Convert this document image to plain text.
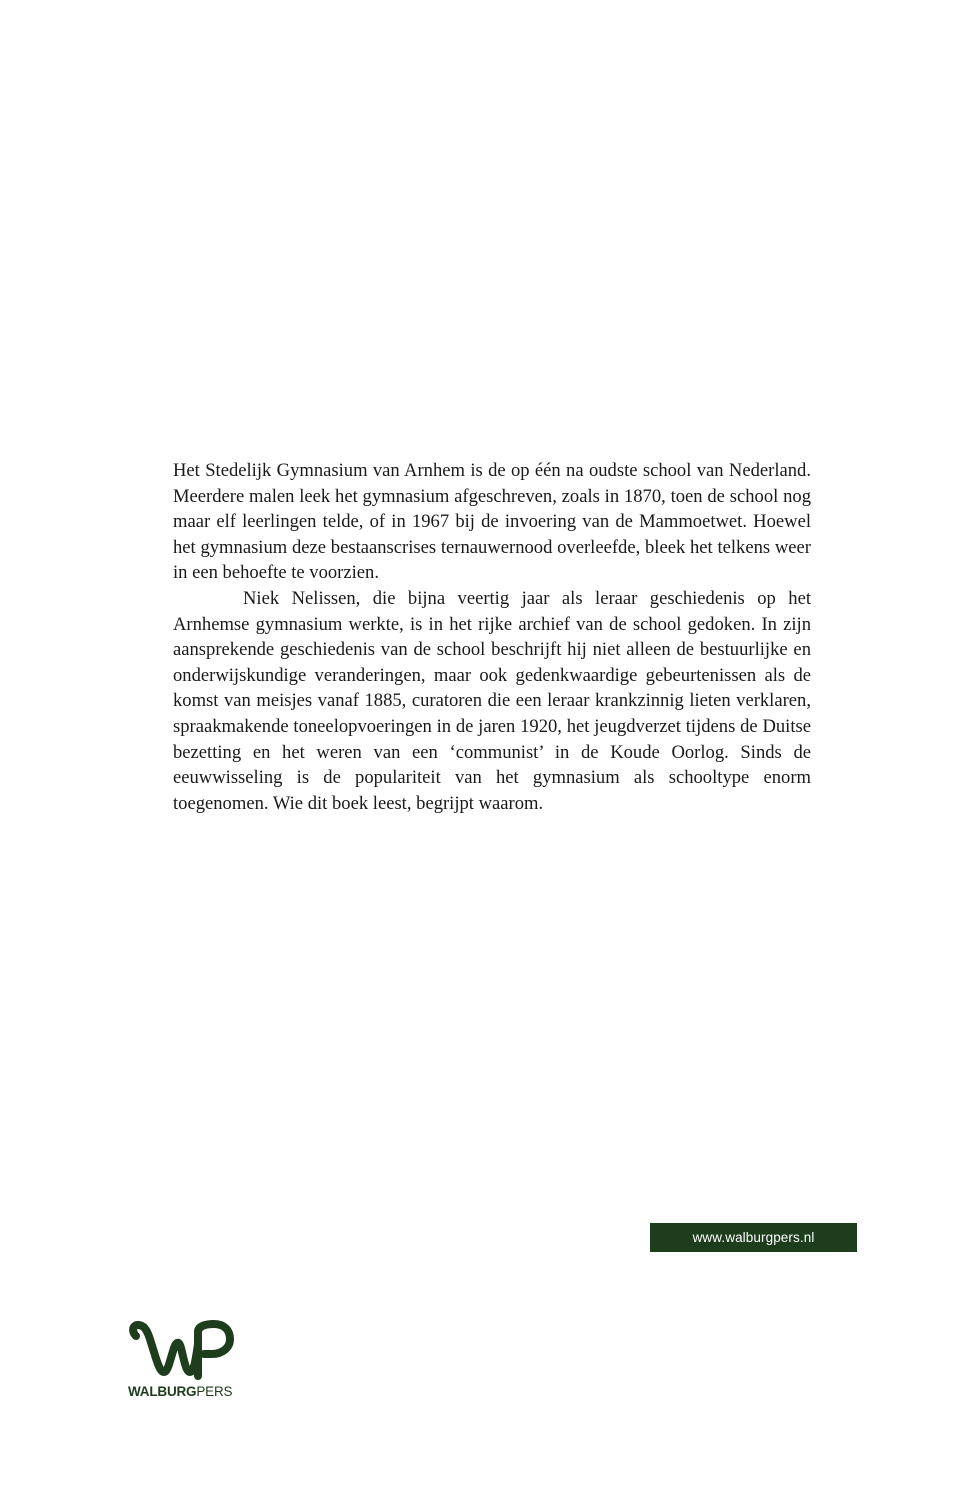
Het Stedelijk Gymnasium van Arnhem is de op één na oudste school van Nederland. Meerdere malen leek het gymnasium afgeschreven, zoals in 1870, toen de school nog maar elf leerlingen telde, of in 1967 bij de invoering van de Mammoetwet. Hoewel het gymnasium deze bestaanscrises ternauwernood overleefde, bleek het telkens weer in een behoefte te voorzien.

Niek Nelissen, die bijna veertig jaar als leraar geschiedenis op het Arnhemse gymnasium werkte, is in het rijke archief van de school gedoken. In zijn aansprekende geschiedenis van de school beschrijft hij niet alleen de bestuurlijke en onderwijskundige veranderingen, maar ook gedenkwaardige gebeurtenissen als de komst van meisjes vanaf 1885, curatoren die een leraar krankzinnig lieten verklaren, spraakmakende toneelopvoeringen in de jaren 1920, het jeugdverzet tijdens de Duitse bezetting en het weren van een ‘communist’ in de Koude Oorlog. Sinds de eeuwwisseling is de populariteit van het gymnasium als schooltype enorm toegenomen. Wie dit boek leest, begrijpt waarom.

www.walburgpers.nl
WALBURGPERS
